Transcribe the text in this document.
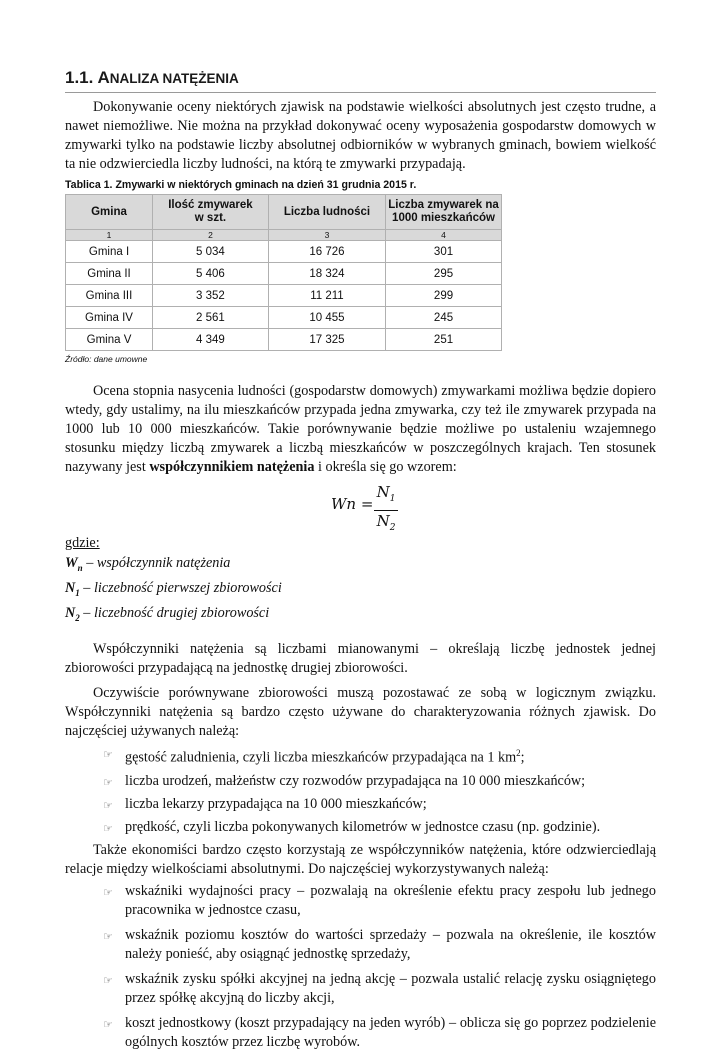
1.1. ANALIZA NATĘŻENIA

Dokonywanie oceny niektórych zjawisk na podstawie wielkości absolutnych jest często trudne, a nawet niemożliwe. Nie można na przykład dokonywać oceny wyposażenia gospodarstw domowych w zmywarki tylko na podstawie liczby absolutnej odbiorników w wybranych gminach, bowiem wielkość ta nie odzwierciedla liczby ludności, na którą te zmywarki przypadają.

Tablica 1. Zmywarki w niektórych gminach na dzień 31 grudnia 2015 r.
Gmina	Ilość zmywarek w szt.	Liczba ludności	Liczba zmywarek na 1000 mieszkańców
1	2	3	4
Gmina I	5 034	16 726	301
Gmina II	5 406	18 324	295
Gmina III	3 352	11 211	299
Gmina IV	2 561	10 455	245
Gmina V	4 349	17 325	251
Źródło: dane umowne

Ocena stopnia nasycenia ludności (gospodarstw domowych) zmywarkami możliwa będzie dopiero wtedy, gdy ustalimy, na ilu mieszkańców przypada jedna zmywarka, czy też ile zmywarek przypada na 1000 lub 10 000 mieszkańców. Takie porównywanie będzie możliwe po ustaleniu wzajemnego stosunku między liczbą zmywarek a liczbą mieszkańców w poszczególnych krajach. Ten stosunek nazywany jest współczynnikiem natężenia i określa się go wzorem:

Wn =
$N_1$
$N_2$

gdzie:

$W_n$ – współczynnik natężenia

$N_1$ – liczebność pierwszej zbiorowości

$N_2$ – liczebność drugiej zbiorowości

Współczynniki natężenia są liczbami mianowanymi – określają liczbę jednostek jednej zbiorowości przypadającą na jednostkę drugiej zbiorowości.

Oczywiście porównywane zbiorowości muszą pozostawać ze sobą w logicznym związku. Współczynniki natężenia są bardzo często używane do charakteryzowania różnych zjawisk. Do najczęściej używanych należą:

☞ gęstość zaludnienia, czyli liczba mieszkańców przypadająca na 1 $km^2$;
☞ liczba urodzeń, małżeństw czy rozwodów przypadająca na 10 000 mieszkańców;
☞ liczba lekarzy przypadająca na 10 000 mieszkańców;
☞ prędkość, czyli liczba pokonywanych kilometrów w jednostce czasu (np. godzinie).

Także ekonomiści bardzo często korzystają ze współczynników natężenia, które odzwierciedlają relacje między wielkościami absolutnymi. Do najczęściej wykorzystywanych należą:

☞ wskaźniki wydajności pracy – pozwalają na określenie efektu pracy zespołu lub jednego pracownika w jednostce czasu,
☞ wskaźnik poziomu kosztów do wartości sprzedaży – pozwala na określenie, ile kosztów należy ponieść, aby osiągnąć jednostkę sprzedaży,
☞ wskaźnik zysku spółki akcyjnej na jedną akcję – pozwala ustalić relację zysku osiągniętego przez spółkę akcyjną do liczby akcji,
☞ koszt jednostkowy (koszt przypadający na jeden wyrób) – oblicza się go poprzez podzielenie ogólnych kosztów przez liczbę wyrobów.
